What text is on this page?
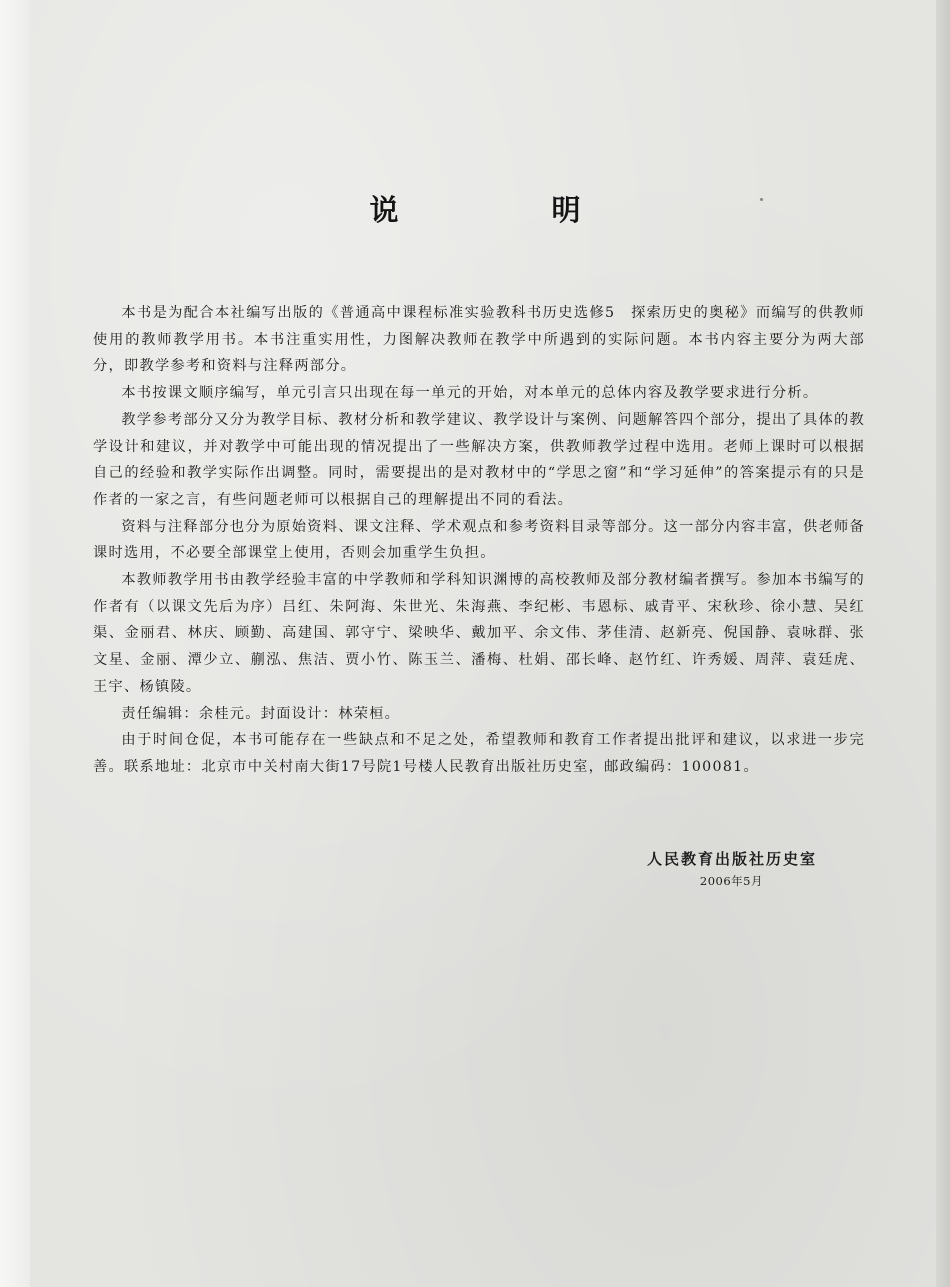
说　明

本书是为配合本社编写出版的《普通高中课程标准实验教科书历史选修5　探索历史的奥秘》而编写的供教师使用的教师教学用书。本书注重实用性，力图解决教师在教学中所遇到的实际问题。本书内容主要分为两大部分，即教学参考和资料与注释两部分。

本书按课文顺序编写，单元引言只出现在每一单元的开始，对本单元的总体内容及教学要求进行分析。

教学参考部分又分为教学目标、教材分析和教学建议、教学设计与案例、问题解答四个部分，提出了具体的教学设计和建议，并对教学中可能出现的情况提出了一些解决方案，供教师教学过程中选用。老师上课时可以根据自己的经验和教学实际作出调整。同时，需要提出的是对教材中的“学思之窗”和“学习延伸”的答案提示有的只是作者的一家之言，有些问题老师可以根据自己的理解提出不同的看法。

资料与注释部分也分为原始资料、课文注释、学术观点和参考资料目录等部分。这一部分内容丰富，供老师备课时选用，不必要全部课堂上使用，否则会加重学生负担。

本教师教学用书由教学经验丰富的中学教师和学科知识渊博的高校教师及部分教材编者撰写。参加本书编写的作者有（以课文先后为序）吕红、朱阿海、朱世光、朱海燕、李纪彬、韦恩标、戚青平、宋秋珍、徐小慧、吴红渠、金丽君、林庆、顾勤、高建国、郭守宁、梁映华、戴加平、余文伟、茅佳清、赵新亮、倪国静、袁咏群、张文星、金丽、潭少立、蒯泓、焦洁、贾小竹、陈玉兰、潘梅、杜娟、邵长峰、赵竹红、许秀媛、周萍、袁廷虎、王宇、杨镇陵。

责任编辑：余桂元。封面设计：林荣桓。

由于时间仓促，本书可能存在一些缺点和不足之处，希望教师和教育工作者提出批评和建议，以求进一步完善。联系地址：北京市中关村南大街17号院1号楼人民教育出版社历史室，邮政编码：100081。

人民教育出版社历史室
2006年5月
